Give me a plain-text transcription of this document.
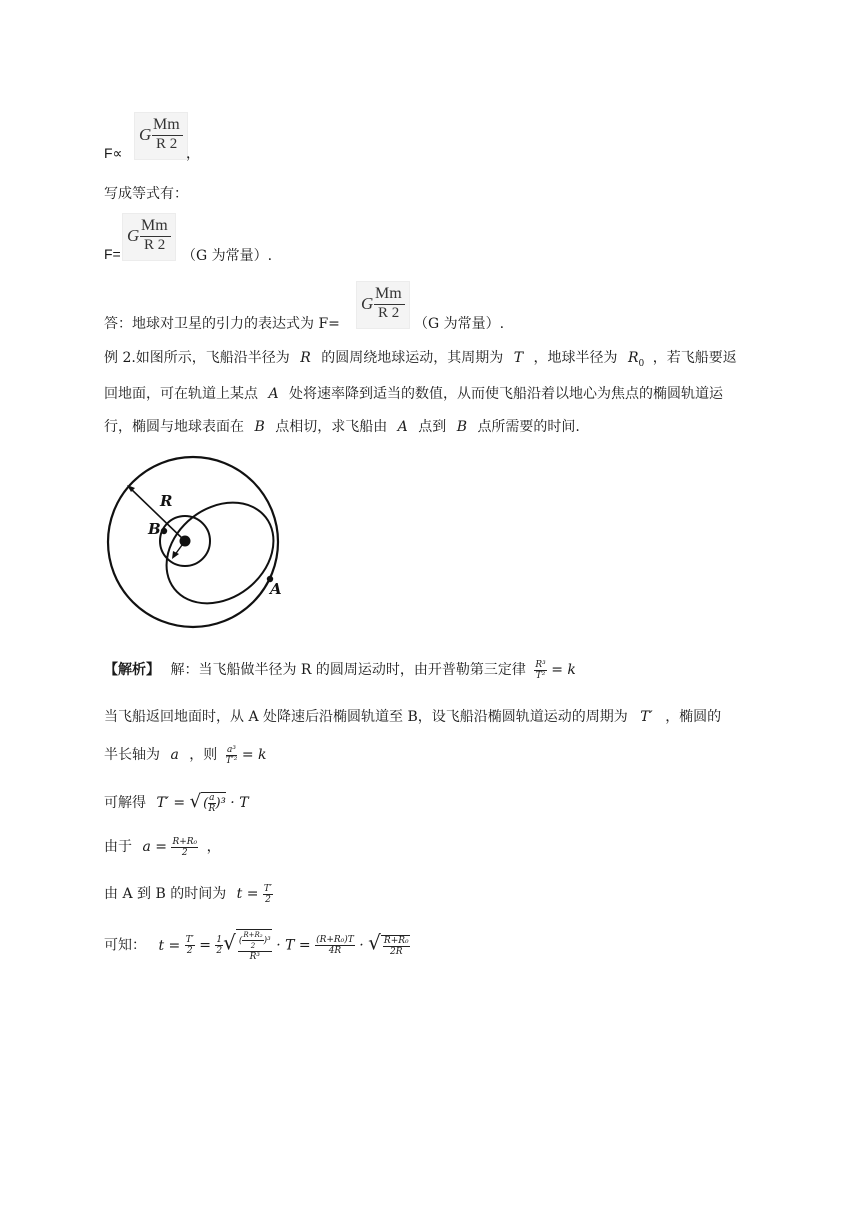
F∝
G
Mm
R 2
，
写成等式有：
F=
G
Mm
R 2
（G 为常量）.
答：地球对卫星的引力的表达式为 F=
G
Mm
R 2
（G 为常量）.
例 2.如图所示，飞船沿半径为 R 的圆周绕地球运动，其周期为 T ，地球半径为 $R_0$ ，若飞船要返
回地面，可在轨道上某点 A 处将速率降到适当的数值，从而使飞船沿着以地心为焦点的椭圆轨道运
行，椭圆与地球表面在 B 点相切，求飞船由 A 点到 B 点所需要的时间.
R
B
A
【解析】 解：当飞船做半径为 R 的圆周运动时，由开普勒第三定律 $\frac{\text{R³}}{\text{T²}} = k$
当飞船返回地面时，从 A 处降速后沿椭圆轨道至 B，设飞船沿椭圆轨道运动的周期为 T′ ，椭圆的
半长轴为 a ，则 $\frac{\text{a³}}{\text{T′²}} = k$
可解得 T′ = √ ( $\frac{a}{R} )^3 \cdot T$
由于 $a = \frac{\text{R+R₀}}{2}$ ，
由 A 到 B 的时间为 $t = \frac{T'}{2}$
可知： $t = \frac{T'}{2} = \frac{1}{2}$ √ $\frac{( \frac{\text{R+R₂}}{2} )^3}{\text{R³}} \cdot T = \frac{\text{(R+R₀)T}}{4R}$ · √ $\frac{\text{R+R₀}}{2R}$
